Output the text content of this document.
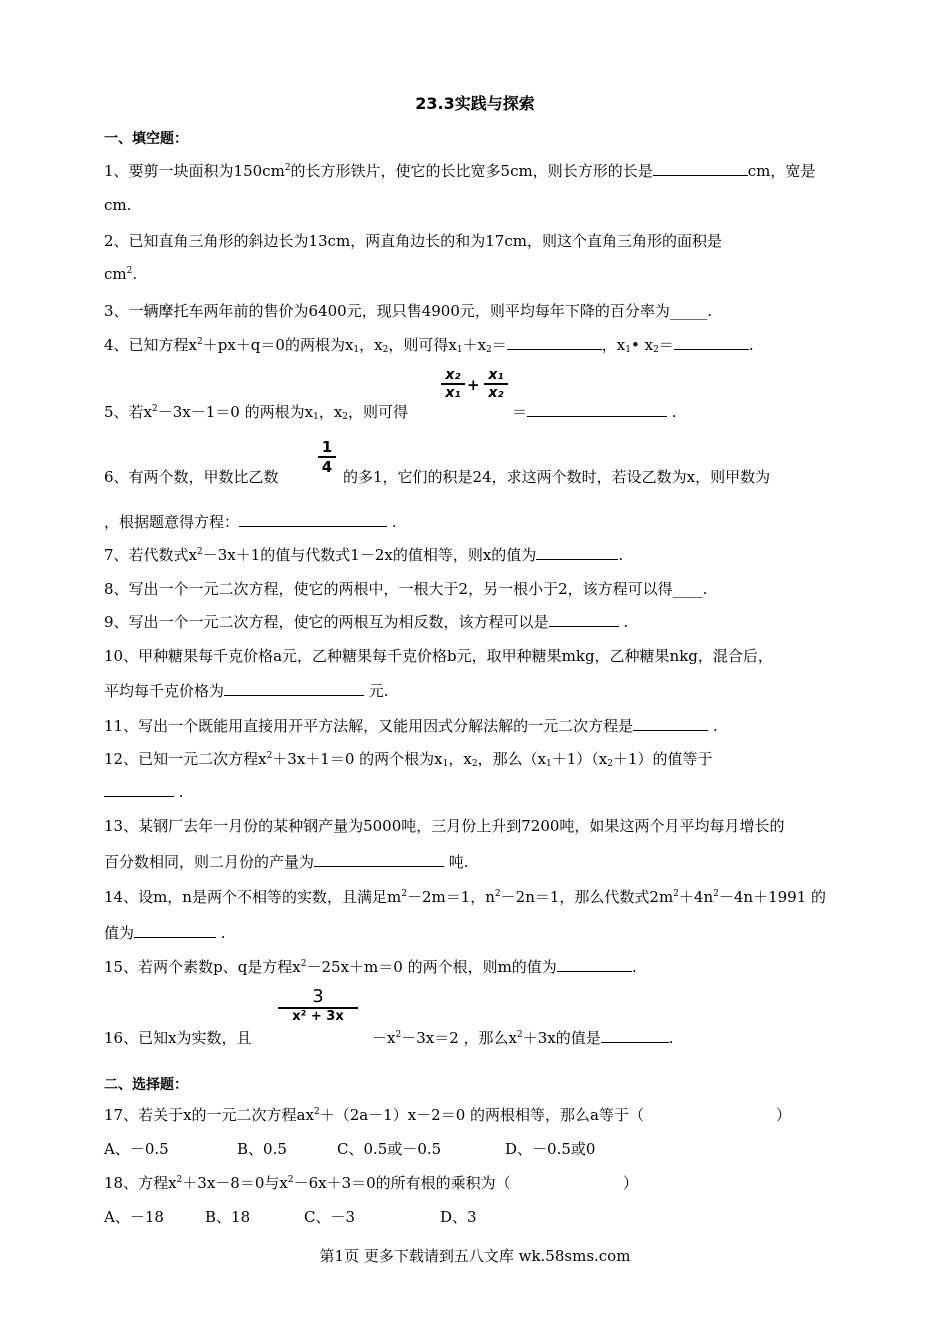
23.3实践与探索
一、填空题：
1、要剪一块面积为$150cm^2$的长方形铁片，使它的长比宽多5cm，则长方形的长是	cm，宽是
cm.
2、已知直角三角形的斜边长为13cm，两直角边长的和为17cm，则这个直角三角形的面积是
$cm^2$.
3、一辆摩托车两年前的售价为6400元，现只售4900元，则平均每年下降的百分率为_____.
4、已知方程$x^2+px+q=0$的两根为$x_1$，$x_2$，则可得$x_1+x_2=$	，$x_1•$ $x_2=$	.
$\frac{\text{x₂}}{\text{x₁}} + \frac{\text{x₁}}{\text{x₂}}$
5、若$x^2-3x-1=0$ 的两根为$x_1$，$x_2$，则可得	＝	.
$\frac{1}{4}$
6、有两个数，甲数比乙数	的多1，它们的积是24，求这两个数时，若设乙数为x，则甲数为
，根据题意得方程：	.
7、若代数式$x^2-3x+1$的值与代数式1－2x的值相等，则x的值为	.
8、写出一个一元二次方程，使它的两根中，一根大于2，另一根小于2，该方程可以得____.
9、写出一个一元二次方程，使它的两根互为相反数，该方程可以是	.
10、甲种糖果每千克价格a元，乙种糖果每千克价格b元，取甲种糖果mkg，乙种糖果nkg，混合后，
平均每千克价格为	元.
11、写出一个既能用直接用开平方法解，又能用因式分解法解的一元二次方程是	.
12、已知一元二次方程$x^2+3x+1=0$ 的两个根为$x_1$，$x_2$，那么$(x_1+1)(x_2+1)$的值等于
.
13、某钢厂去年一月份的某种钢产量为5000吨，三月份上升到7200吨，如果这两个月平均每月增长的
百分数相同，则二月份的产量为	吨.
14、设m，n是两个不相等的实数，且满足$m^2-2m=1$，$n^2-2n=1$，那么代数式$2m^2+4n^2-4n+1991$ 的
值为	.
15、若两个素数p、q是方程$x^2-25x+m=0$ 的两个根，则m的值为	.
3
x² + 3x
16、已知x为实数，且	$-x^2-3x=2$ ，那么$x^2+3x$的值是	.
二、选择题：
17、若关于x的一元二次方程$ax^2+(2a-1)x-2=0$ 的两根相等，那么a等于（	）
A、－0.5	B、0.5	C、0.5或－0.5	D、－0.5或0
18、方程$x^2+3x-8=0$与$x^2-6x+3=0$的所有根的乘积为（	）
A、－18	B、18	C、－3	D、3
第1页 更多下载请到五八文库 wk.58sms.com
